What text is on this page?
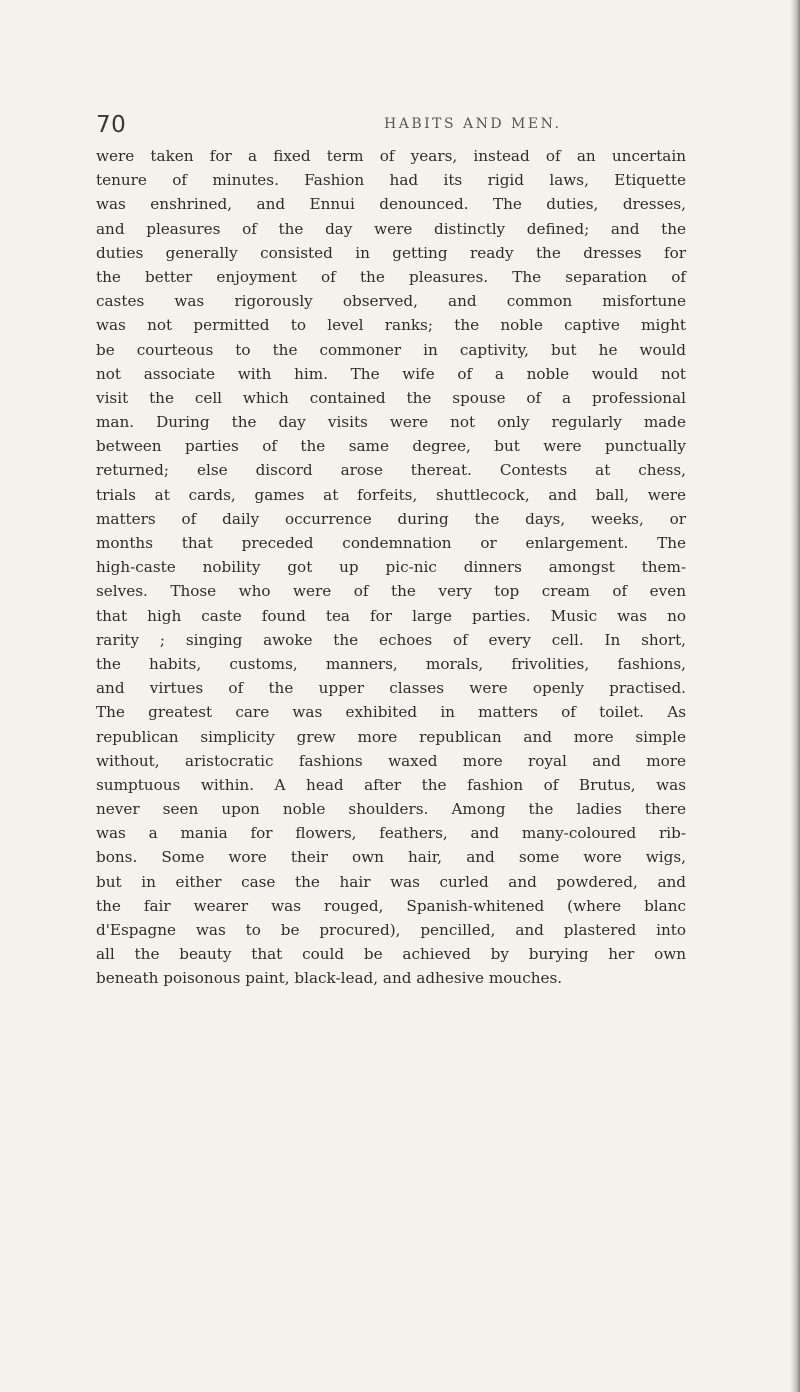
70	HABITS AND MEN.
were taken for a fixed term of years, instead of an uncertain
tenure of minutes. Fashion had its rigid laws, Etiquette
was enshrined, and Ennui denounced. The duties, dresses,
and pleasures of the day were distinctly defined; and the
duties generally consisted in getting ready the dresses for
the better enjoyment of the pleasures. The separation of
castes was rigorously observed, and common misfortune
was not permitted to level ranks; the noble captive might
be courteous to the commoner in captivity, but he would
not associate with him. The wife of a noble would not
visit the cell which contained the spouse of a professional
man. During the day visits were not only regularly made
between parties of the same degree, but were punctually
returned; else discord arose thereat. Contests at chess,
trials at cards, games at forfeits, shuttlecock, and ball, were
matters of daily occurrence during the days, weeks, or
months that preceded condemnation or enlargement. The
high-caste nobility got up pic-nic dinners amongst them-
selves. Those who were of the very top cream of even
that high caste found tea for large parties. Music was no
rarity ; singing awoke the echoes of every cell. In short,
the habits, customs, manners, morals, frivolities, fashions,
and virtues of the upper classes were openly practised.
The greatest care was exhibited in matters of toilet. As
republican simplicity grew more republican and more simple
without, aristocratic fashions waxed more royal and more
sumptuous within. A head after the fashion of Brutus, was
never seen upon noble shoulders. Among the ladies there
was a mania for flowers, feathers, and many-coloured rib-
bons. Some wore their own hair, and some wore wigs,
but in either case the hair was curled and powdered, and
the fair wearer was rouged, Spanish-whitened (where blanc
d'Espagne was to be procured), pencilled, and plastered into
all the beauty that could be achieved by burying her own
beneath poisonous paint, black-lead, and adhesive mouches.
